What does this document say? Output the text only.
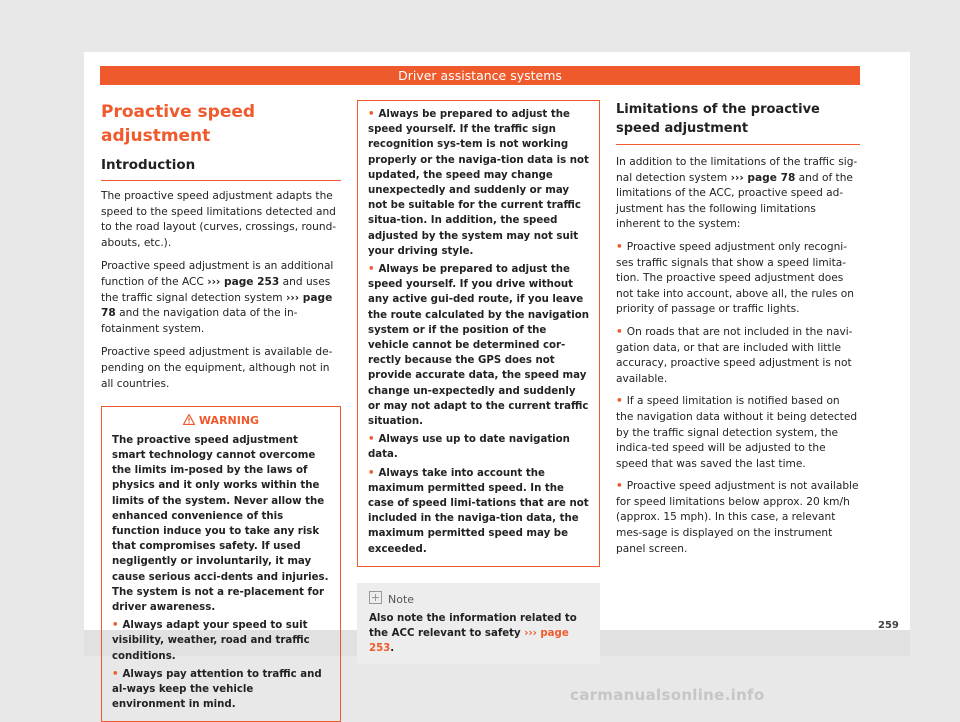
Driver assistance systems
Proactive speed adjustment
Introduction

The proactive speed adjustment adapts the speed to the speed limitations detected and to the road layout (curves, crossings, round-abouts, etc.).

Proactive speed adjustment is an additional function of the ACC ››› page 253 and uses the traffic signal detection system ››› page 78 and the navigation data of the in-fotainment system.

Proactive speed adjustment is available de-pending on the equipment, although not in all countries.

WARNING

The proactive speed adjustment smart technology cannot overcome the limits im-posed by the laws of physics and it only works within the limits of the system. Never allow the enhanced convenience of this function induce you to take any risk that compromises safety. If used negligently or involuntarily, it may cause serious acci-dents and injuries. The system is not a re-placement for driver awareness.

• Always adapt your speed to suit visibility, weather, road and traffic conditions.

• Always pay attention to traffic and al-ways keep the vehicle environment in mind.

• Always be prepared to adjust the speed yourself. If the traffic sign recognition sys-tem is not working properly or the naviga-tion data is not updated, the speed may change unexpectedly and suddenly or may not be suitable for the current traffic situa-tion. In addition, the speed adjusted by the system may not suit your driving style.

• Always be prepared to adjust the speed yourself. If you drive without any active gui-ded route, if you leave the route calculated by the navigation system or if the position of the vehicle cannot be determined cor-rectly because the GPS does not provide accurate data, the speed may change un-expectedly and suddenly or may not adapt to the current traffic situation.

• Always use up to date navigation data.

• Always take into account the maximum permitted speed. In the case of speed limi-tations that are not included in the naviga-tion data, the maximum permitted speed may be exceeded.

Note
Also note the information related to the ACC relevant to safety ››› page 253.
Limitations of the proactive speed adjustment

In addition to the limitations of the traffic sig-nal detection system ››› page 78 and of the limitations of the ACC, proactive speed ad-justment has the following limitations inherent to the system:

• Proactive speed adjustment only recogni-ses traffic signals that show a speed limita-tion. The proactive speed adjustment does not take into account, above all, the rules on priority of passage or traffic lights.

• On roads that are not included in the navi-gation data, or that are included with little accuracy, proactive speed adjustment is not available.

• If a speed limitation is notified based on the navigation data without it being detected by the traffic signal detection system, the indica-ted speed will be adjusted to the speed that was saved the last time.

• Proactive speed adjustment is not available for speed limitations below approx. 20 km/h (approx. 15 mph). In this case, a relevant mes-sage is displayed on the instrument panel screen.

259
carmanualsonline.info
